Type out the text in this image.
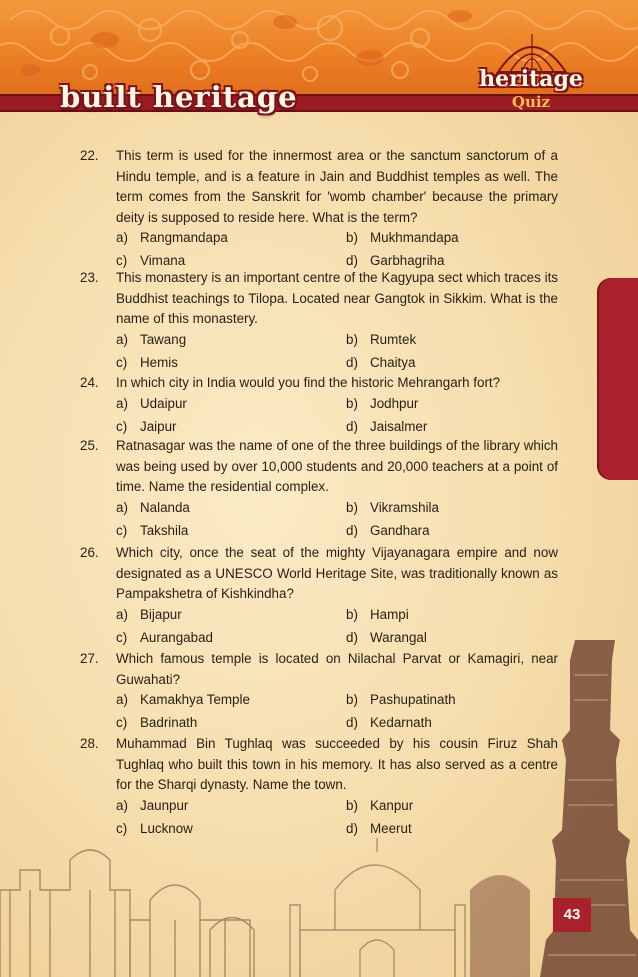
built heritage
heritage
Quiz
22.	This term is used for the innermost area or the sanctum sanctorum of a Hindu temple, and is a feature in Jain and Buddhist temples as well. The term comes from the Sanskrit for 'womb chamber' because the primary deity is supposed to reside here. What is the term?
a) Rangmandapa	b) Mukhmandapa
c) Vimana	d) Garbhagriha
23.	This monastery is an important centre of the Kagyupa sect which traces its Buddhist teachings to Tilopa. Located near Gangtok in Sikkim. What is the name of this monastery.
a) Tawang	b) Rumtek
c) Hemis	d) Chaitya
24.	In which city in India would you find the historic Mehrangarh fort?
a) Udaipur	b) Jodhpur
c) Jaipur	d) Jaisalmer
25.	Ratnasagar was the name of one of the three buildings of the library which was being used by over 10,000 students and 20,000 teachers at a point of time. Name the residential complex.
a) Nalanda	b) Vikramshila
c) Takshila	d) Gandhara
26.	Which city, once the seat of the mighty Vijayanagara empire and now designated as a UNESCO World Heritage Site, was traditionally known as Pampakshetra of Kishkindha?
a) Bijapur	b) Hampi
c) Aurangabad	d) Warangal
27.	Which famous temple is located on Nilachal Parvat or Kamagiri, near Guwahati?
a) Kamakhya Temple	b) Pashupatinath
c) Badrinath	d) Kedarnath
28.	Muhammad Bin Tughlaq was succeeded by his cousin Firuz Shah Tughlaq who built this town in his memory. It has also served as a centre for the Sharqi dynasty. Name the town.
a) Jaunpur	b) Kanpur
c) Lucknow	d) Meerut
43
